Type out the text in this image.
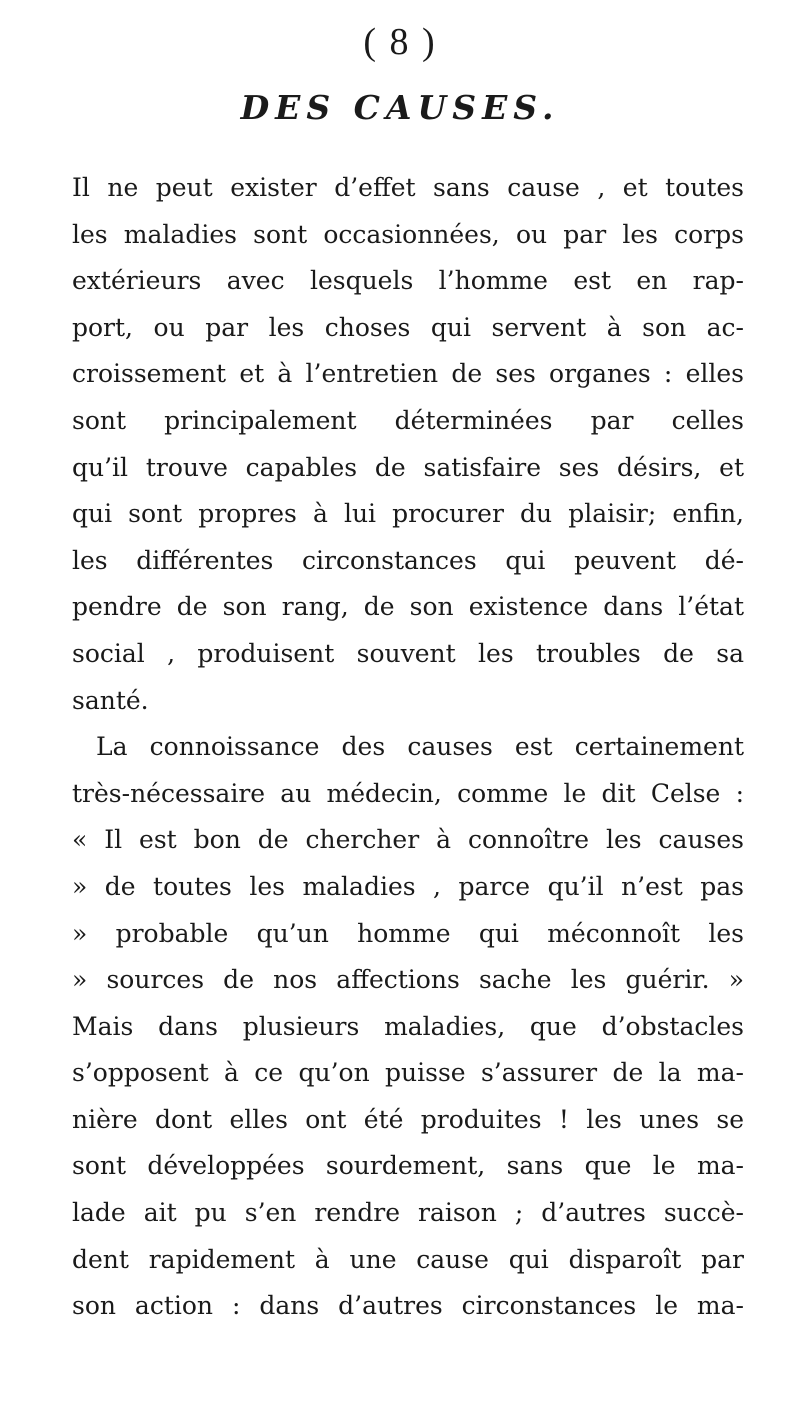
( 8 )
DES CAUSES.
Il ne peut exister d’effet sans cause , et toutes
les maladies sont occasionnées, ou par les corps
extérieurs avec lesquels l’homme est en rap-
port, ou par les choses qui servent à son ac-
croissement et à l’entretien de ses organes : elles
sont principalement déterminées par celles
qu’il trouve capables de satisfaire ses désirs, et
qui sont propres à lui procurer du plaisir; enfin,
les différentes circonstances qui peuvent dé-
pendre de son rang, de son existence dans l’état
social , produisent souvent les troubles de sa
santé.
La connoissance des causes est certainement
très-nécessaire au médecin, comme le dit Celse :
« Il est bon de chercher à connoître les causes
» de toutes les maladies , parce qu’il n’est pas
» probable qu’un homme qui méconnoît les
» sources de nos affections sache les guérir. »
Mais dans plusieurs maladies, que d’obstacles
s’opposent à ce qu’on puisse s’assurer de la ma-
nière dont elles ont été produites ! les unes se
sont développées sourdement, sans que le ma-
lade ait pu s’en rendre raison ; d’autres succè-
dent rapidement à une cause qui disparoît par
son action : dans d’autres circonstances le ma-
